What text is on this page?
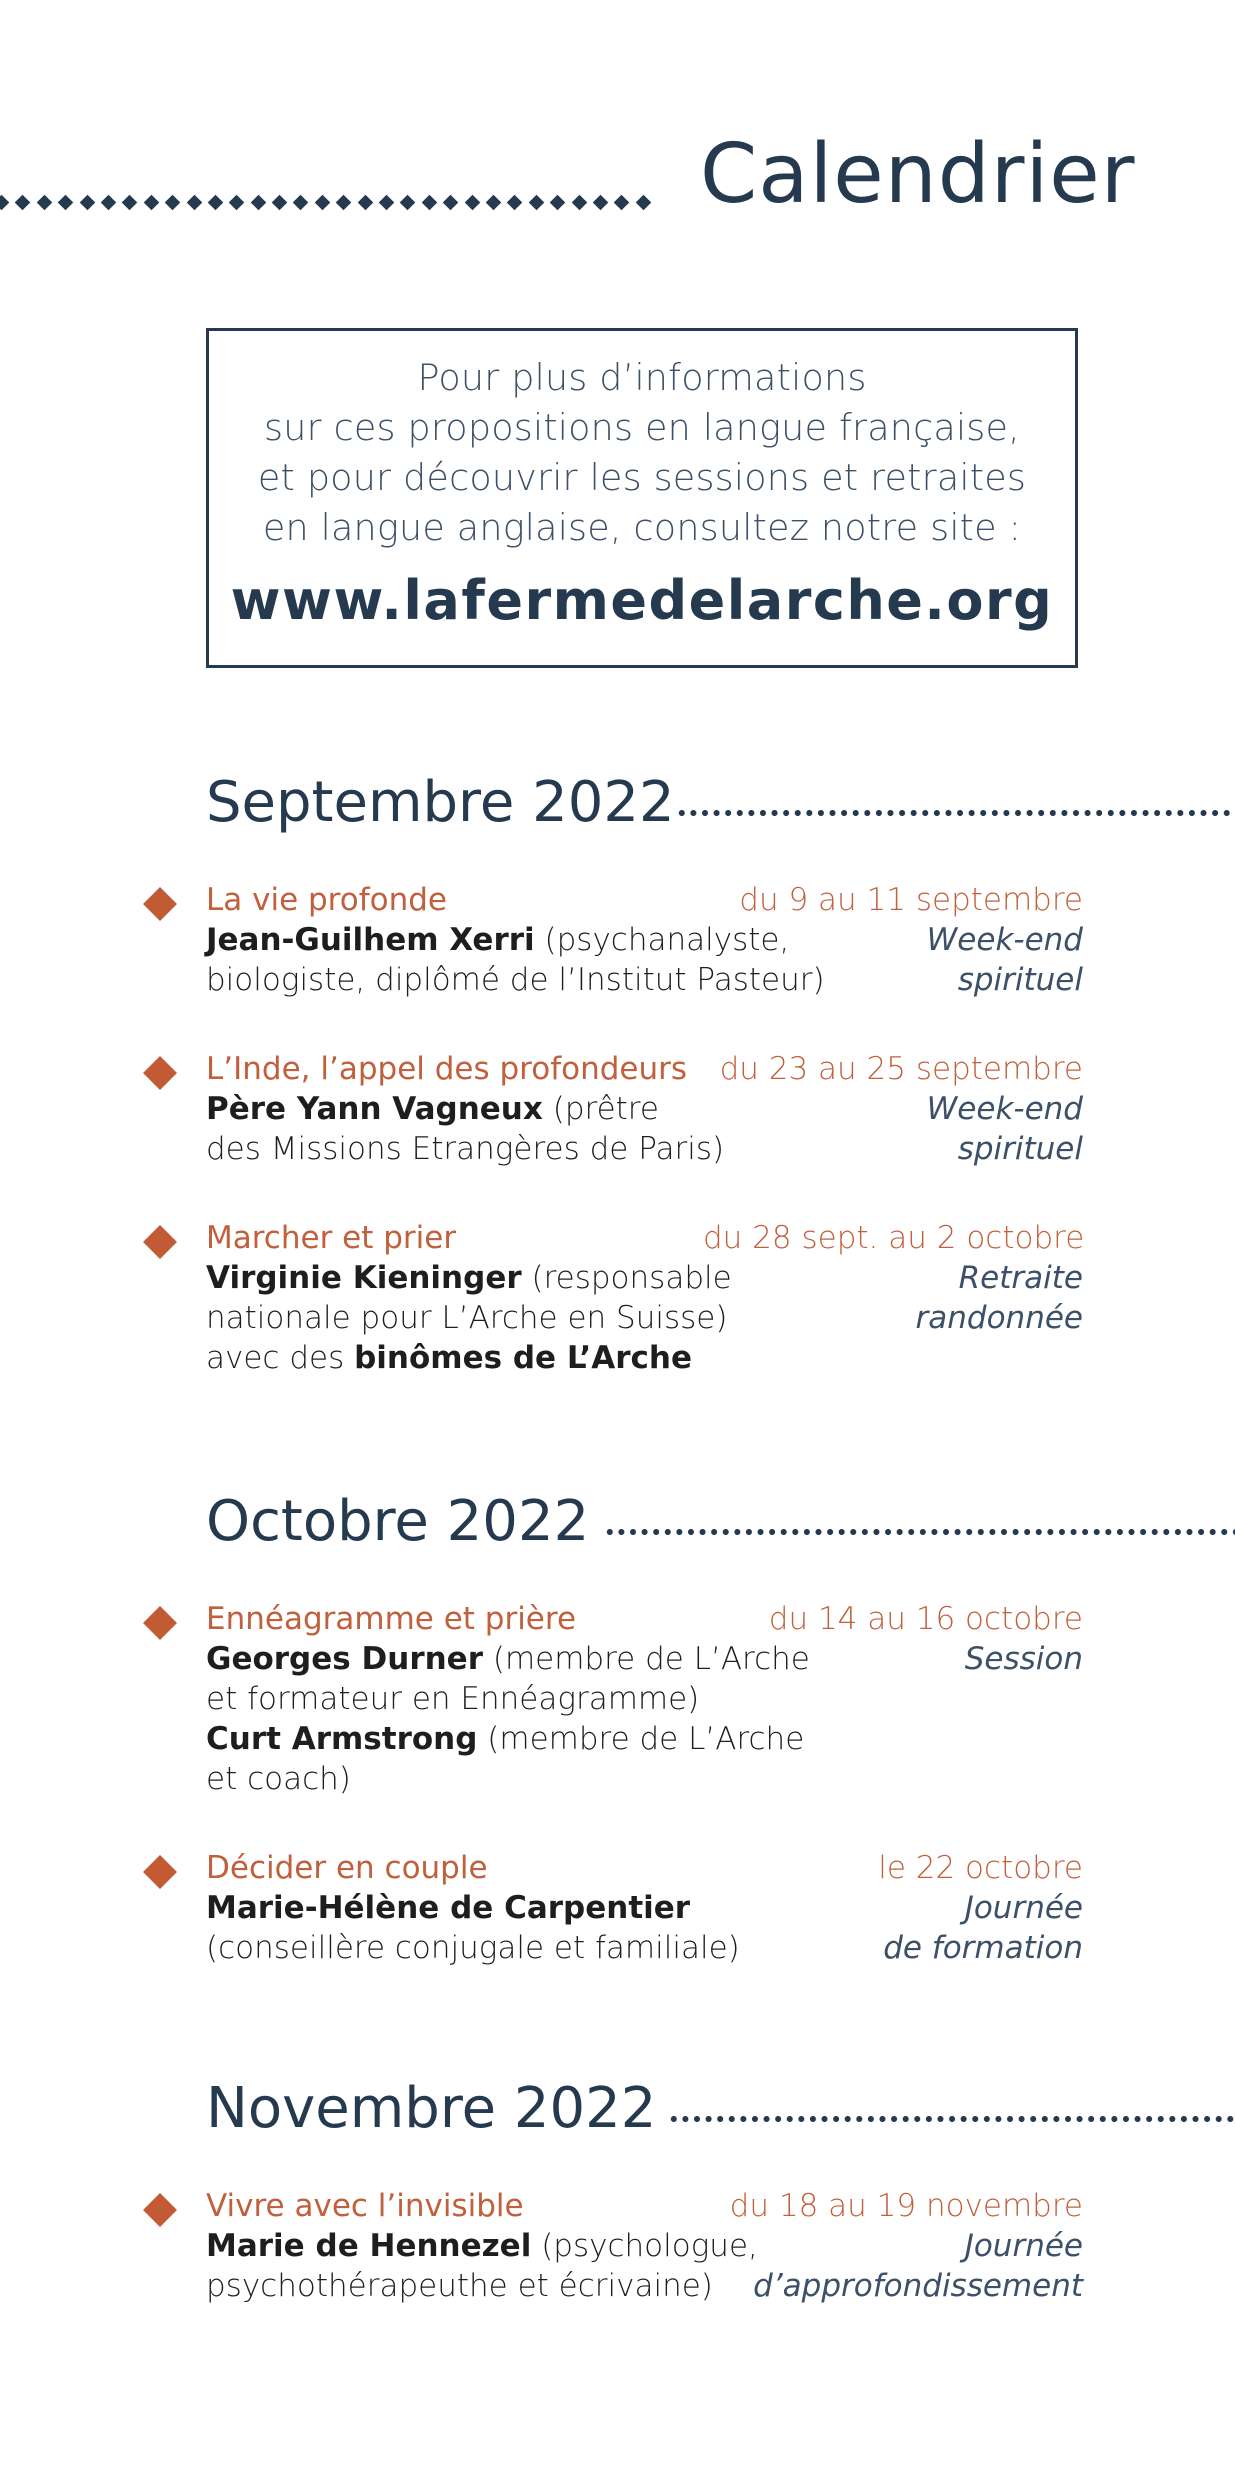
Calendrier
Pour plus d’informations
sur ces propositions en langue française,
et pour découvrir les sessions et retraites
en langue anglaise, consultez notre site :
www.lafermedelarche.org
Septembre 2022
La vie profonde
Jean-Guilhem Xerri (psychanalyste,
biologiste, diplômé de l’Institut Pasteur)
du 9 au 11 septembre
Week-end
spirituel
L’Inde, l’appel des profondeurs
Père Yann Vagneux (prêtre
des Missions Etrangères de Paris)
du 23 au 25 septembre
Week-end
spirituel
Marcher et prier
Virginie Kieninger (responsable
nationale pour L’Arche en Suisse)
avec des binômes de L’Arche
du 28 sept. au 2 octobre
Retraite
randonnée
Octobre 2022
Ennéagramme et prière
Georges Durner (membre de L’Arche
et formateur en Ennéagramme)
Curt Armstrong (membre de L’Arche
et coach)
du 14 au 16 octobre
Session
Décider en couple
Marie-Hélène de Carpentier
(conseillère conjugale et familiale)
le 22 octobre
Journée
de formation
Novembre 2022
Vivre avec l’invisible
Marie de Hennezel (psychologue,
psychothérapeuthe et écrivaine)
du 18 au 19 novembre
Journée
d’approfondissement
